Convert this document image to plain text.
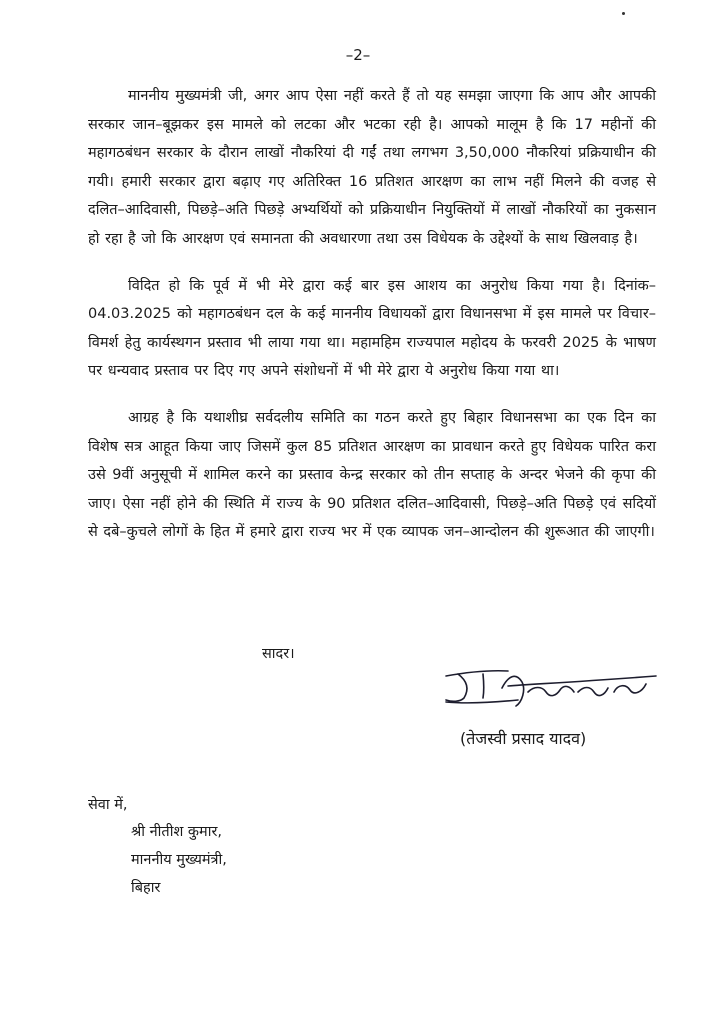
–2–

माननीय मुख्यमंत्री जी, अगर आप ऐसा नहीं करते हैं तो यह समझा जाएगा कि आप और आपकी सरकार जान–बूझकर इस मामले को लटका और भटका रही है। आपको मालूम है कि 17 महीनों की महागठबंधन सरकार के दौरान लाखों नौकरियां दी गईं तथा लगभग 3,50,000 नौकरियां प्रक्रियाधीन की गयी। हमारी सरकार द्वारा बढ़ाए गए अतिरिक्त 16 प्रतिशत आरक्षण का लाभ नहीं मिलने की वजह से दलित–आदिवासी, पिछड़े–अति पिछड़े अभ्यर्थियों को प्रक्रियाधीन नियुक्तियों में लाखों नौकरियों का नुकसान हो रहा है जो कि आरक्षण एवं समानता की अवधारणा तथा उस विधेयक के उद्देश्यों के साथ खिलवाड़ है।

विदित हो कि पूर्व में भी मेरे द्वारा कई बार इस आशय का अनुरोध किया गया है। दिनांक–04.03.2025 को महागठबंधन दल के कई माननीय विधायकों द्वारा विधानसभा में इस मामले पर विचार–विमर्श हेतु कार्यस्थगन प्रस्ताव भी लाया गया था। महामहिम राज्यपाल महोदय के फरवरी 2025 के भाषण पर धन्यवाद प्रस्ताव पर दिए गए अपने संशोधनों में भी मेरे द्वारा ये अनुरोध किया गया था।

आग्रह है कि यथाशीघ्र सर्वदलीय समिति का गठन करते हुए बिहार विधानसभा का एक दिन का विशेष सत्र आहूत किया जाए जिसमें कुल 85 प्रतिशत आरक्षण का प्रावधान करते हुए विधेयक पारित करा उसे 9वीं अनुसूची में शामिल करने का प्रस्ताव केन्द्र सरकार को तीन सप्ताह के अन्दर भेजने की कृपा की जाए। ऐसा नहीं होने की स्थिति में राज्य के 90 प्रतिशत दलित–आदिवासी, पिछड़े–अति पिछड़े एवं सदियों से दबे–कुचले लोगों के हित में हमारे द्वारा राज्य भर में एक व्यापक जन–आन्दोलन की शुरूआत की जाएगी।

सादर।
(तेजस्वी प्रसाद यादव)
सेवा में,
श्री नीतीश कुमार,
माननीय मुख्यमंत्री,
बिहार
